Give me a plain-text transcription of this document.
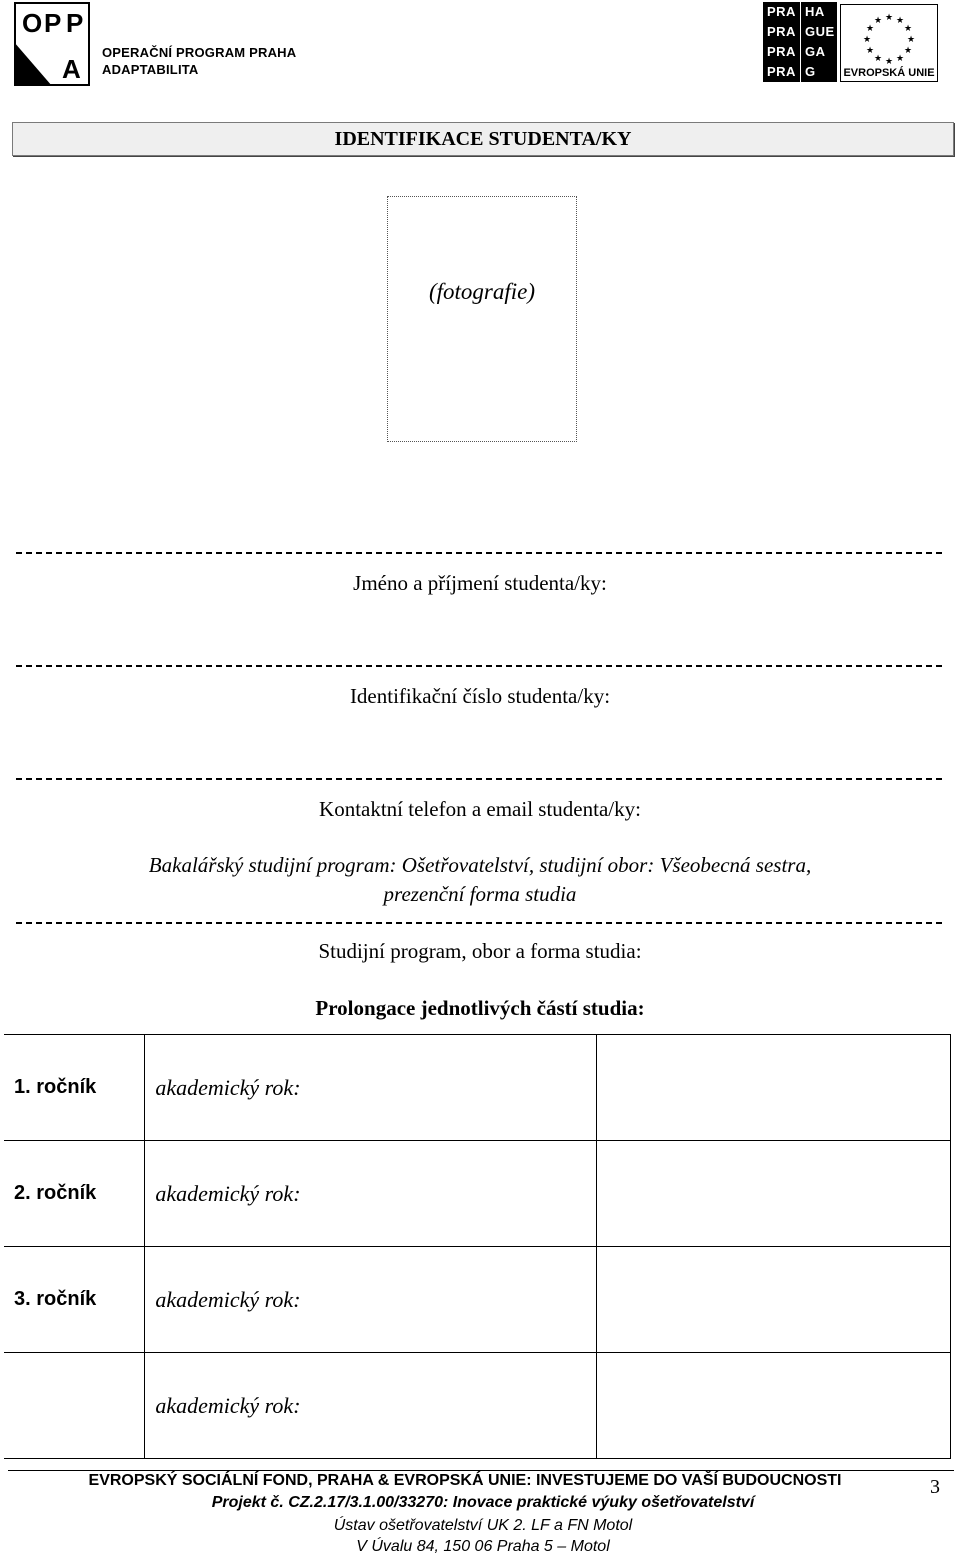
O P P
A
OPERAČNÍ PROGRAM PRAHA
ADAPTABILITA
PRA HA
PRA GUE
PRA GA
PRA G
★ ★
★
★
★
★
★
★
★
★
★
★
EVROPSKÁ UNIE
IDENTIFIKACE STUDENTA/KY
(fotografie)
Jméno a příjmení studenta/ky:
Identifikační číslo studenta/ky:
Kontaktní telefon a email studenta/ky:
Bakalářský studijní program: Ošetřovatelství, studijní obor: Všeobecná sestra,
prezenční forma studia
Studijní program, obor a forma studia:
Prolongace jednotlivých částí studia:
1. ročník	akademický rok:	
2. ročník	akademický rok:	
3. ročník	akademický rok:	
	akademický rok:	
EVROPSKÝ SOCIÁLNÍ FOND, PRAHA & EVROPSKÁ UNIE: INVESTUJEME DO VAŠÍ BUDOUCNOSTI
Projekt č. CZ.2.17/3.1.00/33270: Inovace praktické výuky ošetřovatelství
Ústav ošetřovatelství UK 2. LF a FN Motol
V Úvalu 84, 150 06 Praha 5 – Motol
3
